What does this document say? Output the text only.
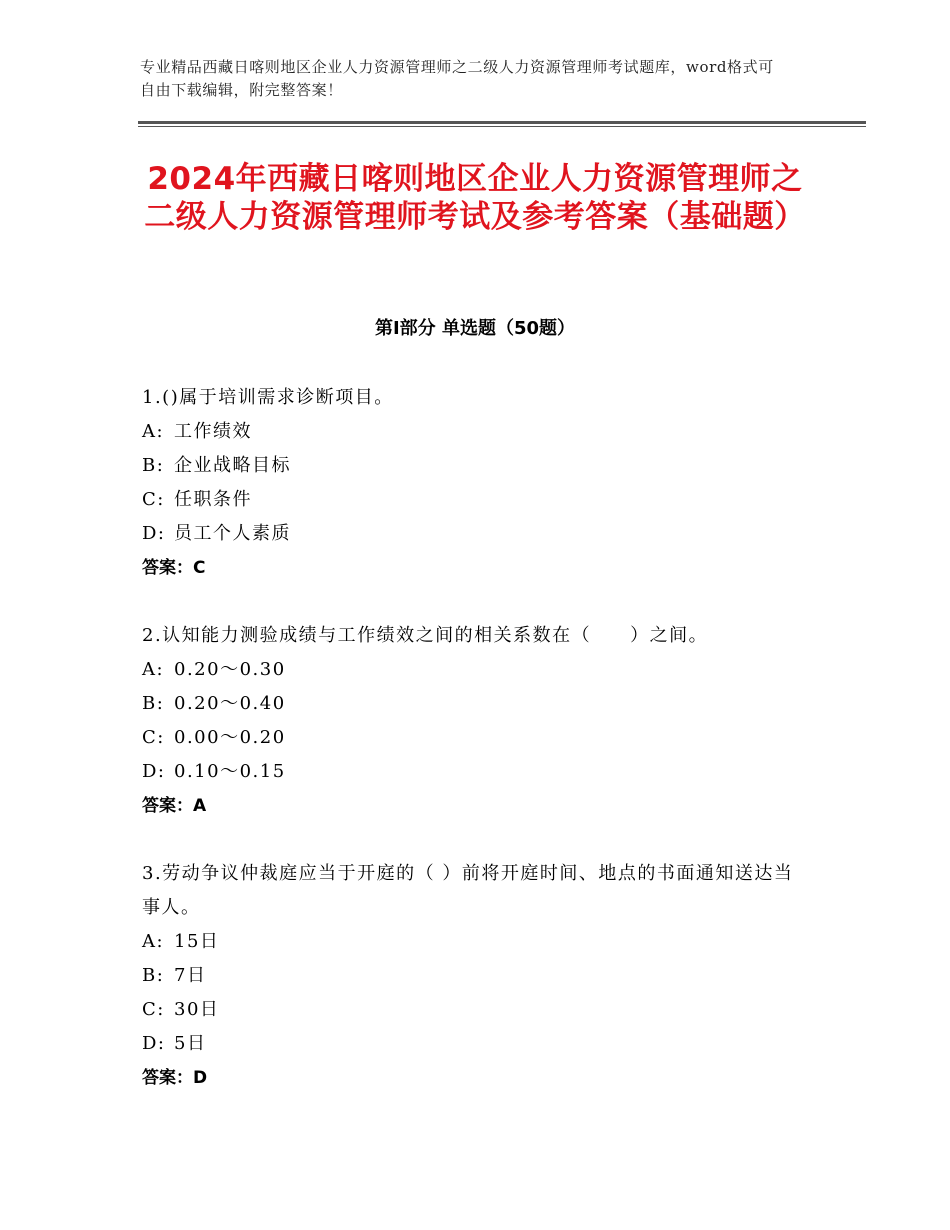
专业精品西藏日喀则地区企业人力资源管理师之二级人力资源管理师考试题库，word格式可自由下载编辑，附完整答案！
2024年西藏日喀则地区企业人力资源管理师之二级人力资源管理师考试及参考答案（基础题）
第Ⅰ部分 单选题（50题）
1.()属于培训需求诊断项目。
A: 工作绩效
B: 企业战略目标
C: 任职条件
D: 员工个人素质
答案：C
2.认知能力测验成绩与工作绩效之间的相关系数在（　　）之间。
A: 0.20～0.30
B: 0.20～0.40
C: 0.00～0.20
D: 0.10～0.15
答案：A
3.劳动争议仲裁庭应当于开庭的（ ）前将开庭时间、地点的书面通知送达当事人。
A: 15日
B: 7日
C: 30日
D: 5日
答案：D
